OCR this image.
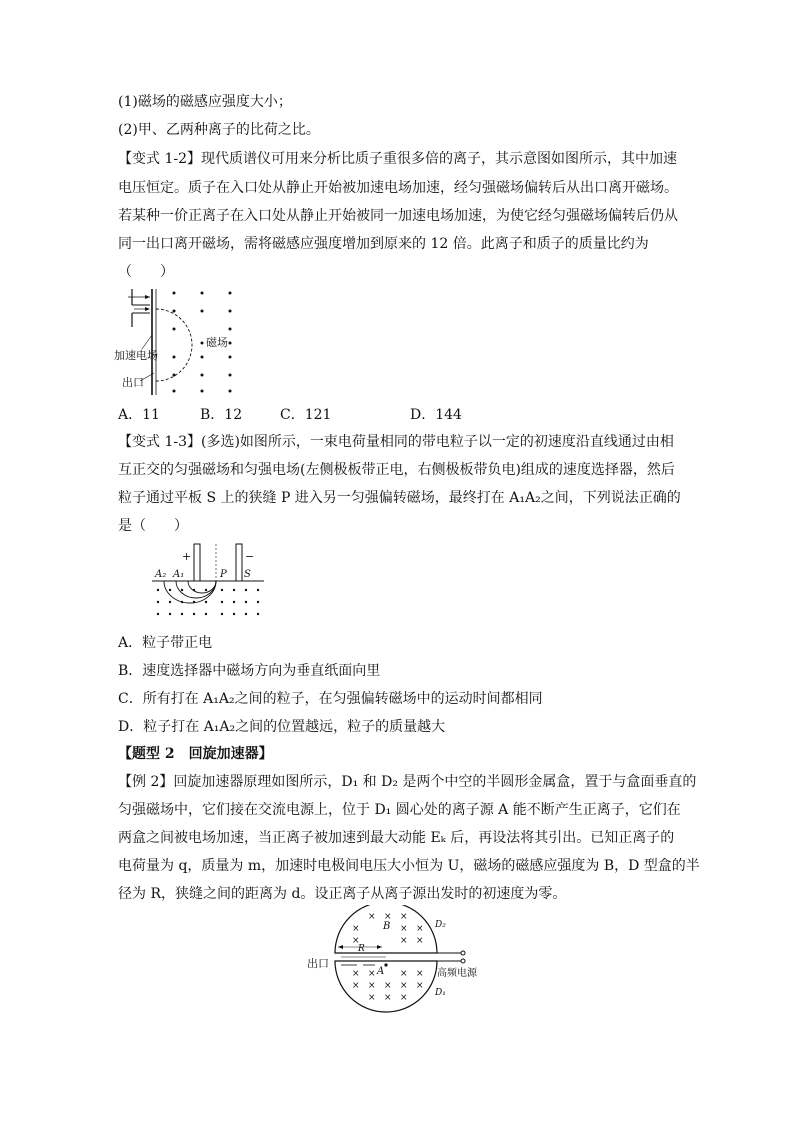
(1)磁场的磁感应强度大小；
(2)甲、乙两种离子的比荷之比。
【变式 1-2】现代质谱仪可用来分析比质子重很多倍的离子，其示意图如图所示，其中加速
电压恒定。质子在入口处从静止开始被加速电场加速，经匀强磁场偏转后从出口离开磁场。
若某种一价正离子在入口处从静止开始被同一加速电场加速，为使它经匀强磁场偏转后仍从
同一出口离开磁场，需将磁感应强度增加到原来的 12 倍。此离子和质子的质量比约为
（　　）
磁场
加速电场
出口
A．11	B．12	C．121	D．144
【变式 1-3】(多选)如图所示，一束电荷量相同的带电粒子以一定的初速度沿直线通过由相
互正交的匀强磁场和匀强电场(左侧极板带正电，右侧极板带负电)组成的速度选择器，然后
粒子通过平板 S 上的狭缝 P 进入另一匀强偏转磁场，最终打在 A₁A₂之间，下列说法正确的
是（　　）
+	−
A₂ A₁	P S
A．粒子带正电
B．速度选择器中磁场方向为垂直纸面向里
C．所有打在 A₁A₂之间的粒子，在匀强偏转磁场中的运动时间都相同
D．粒子打在 A₁A₂之间的位置越远，粒子的质量越大
【题型 2　回旋加速器】
【例 2】回旋加速器原理如图所示，D₁ 和 D₂ 是两个中空的半圆形金属盒，置于与盒面垂直的
匀强磁场中，它们接在交流电源上，位于 D₁ 圆心处的离子源 A 能不断产生正离子，它们在
两盒之间被电场加速，当正离子被加速到最大动能 Eₖ 后，再设法将其引出。已知正离子的
电荷量为 q，质量为 m，加速时电极间电压大小恒为 U，磁场的磁感应强度为 B，D 型盒的半
径为 R，狭缝之间的距离为 d。设正离子从离子源出发时的初速度为零。
× × ×
×	× ×
×	× ×
× ×	× ×
× × × × ×
× × ×
B
R
A
D₂
D₁
出口
高频电源
